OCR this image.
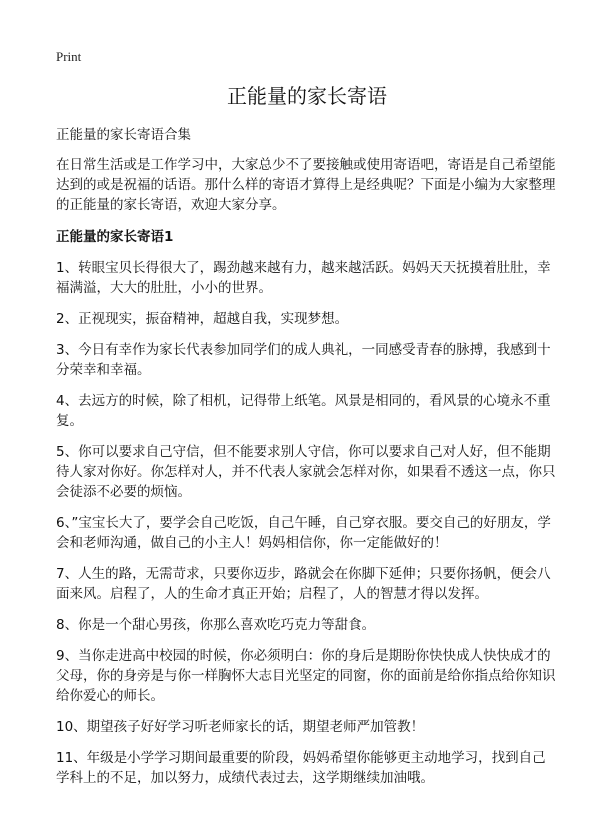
Print
正能量的家长寄语

正能量的家长寄语合集

在日常生活或是工作学习中，大家总少不了要接触或使用寄语吧，寄语是自己希望能达到的或是祝福的话语。那什么样的寄语才算得上是经典呢？下面是小编为大家整理的正能量的家长寄语，欢迎大家分享。

正能量的家长寄语1

1、转眼宝贝长得很大了，踢劲越来越有力，越来越活跃。妈妈天天抚摸着肚肚，幸福满溢，大大的肚肚，小小的世界。
2、正视现实，振奋精神，超越自我，实现梦想。
3、今日有幸作为家长代表参加同学们的成人典礼，一同感受青春的脉搏，我感到十分荣幸和幸福。
4、去远方的时候，除了相机，记得带上纸笔。风景是相同的，看风景的心境永不重复。
5、你可以要求自己守信，但不能要求别人守信，你可以要求自己对人好，但不能期待人家对你好。你怎样对人，并不代表人家就会怎样对你，如果看不透这一点，你只会徒添不必要的烦恼。
6、”宝宝长大了，要学会自己吃饭，自己午睡，自己穿衣服。要交自己的好朋友，学会和老师沟通，做自己的小主人！妈妈相信你，你一定能做好的！
7、人生的路，无需苛求，只要你迈步，路就会在你脚下延伸；只要你扬帆，便会八面来风。启程了，人的生命才真正开始；启程了，人的智慧才得以发挥。
8、你是一个甜心男孩，你那么喜欢吃巧克力等甜食。
9、当你走进高中校园的时候，你必须明白：你的身后是期盼你快快成人快快成才的父母，你的身旁是与你一样胸怀大志目光坚定的同窗，你的面前是给你指点给你知识给你爱心的师长。
10、期望孩子好好学习听老师家长的话，期望老师严加管教！
11、年级是小学学习期间最重要的阶段，妈妈希望你能够更主动地学习，找到自己学科上的不足，加以努力，成绩代表过去，这学期继续加油哦。
